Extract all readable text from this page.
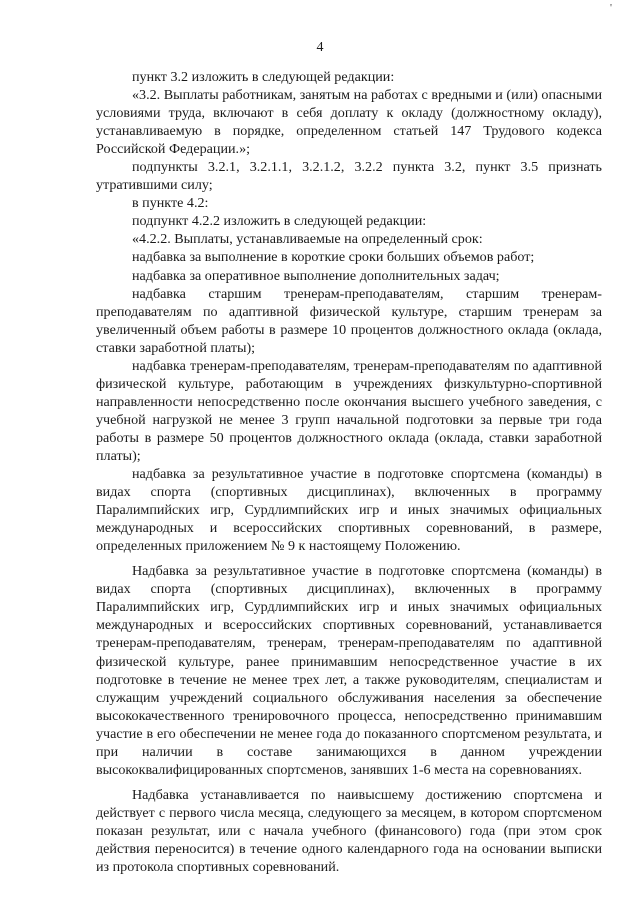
'
4

пункт 3.2 изложить в следующей редакции:

«3.2. Выплаты работникам, занятым на работах с вредными и (или) опасными условиями труда, включают в себя доплату к окладу (должностному окладу), устанавливаемую в порядке, определенном статьей 147 Трудового кодекса Российской Федерации.»;

подпункты 3.2.1, 3.2.1.1, 3.2.1.2, 3.2.2 пункта 3.2, пункт 3.5 признать утратившими силу;

в пункте 4.2:

подпункт 4.2.2 изложить в следующей редакции:

«4.2.2. Выплаты, устанавливаемые на определенный срок:

надбавка за выполнение в короткие сроки больших объемов работ;

надбавка за оперативное выполнение дополнительных задач;

надбавка старшим тренерам-преподавателям, старшим тренерам-преподавателям по адаптивной физической культуре, старшим тренерам за увеличенный объем работы в размере 10 процентов должностного оклада (оклада, ставки заработной платы);

надбавка тренерам-преподавателям, тренерам-преподавателям по адаптивной физической культуре, работающим в учреждениях физкультурно-спортивной направленности непосредственно после окончания высшего учебного заведения, с учебной нагрузкой не менее 3 групп начальной подготовки за первые три года работы в размере 50 процентов должностного оклада (оклада, ставки заработной платы);

надбавка за результативное участие в подготовке спортсмена (команды) в видах спорта (спортивных дисциплинах), включенных в программу Паралимпийских игр, Сурдлимпийских игр и иных значимых официальных международных и всероссийских спортивных соревнований, в размере, определенных приложением № 9 к настоящему Положению.

Надбавка за результативное участие в подготовке спортсмена (команды) в видах спорта (спортивных дисциплинах), включенных в программу Паралимпийских игр, Сурдлимпийских игр и иных значимых официальных международных и всероссийских спортивных соревнований, устанавливается тренерам-преподавателям, тренерам, тренерам-преподавателям по адаптивной физической культуре, ранее принимавшим непосредственное участие в их подготовке в течение не менее трех лет, а также руководителям, специалистам и служащим учреждений социального обслуживания населения за обеспечение высококачественного тренировочного процесса, непосредственно принимавшим участие в его обеспечении не менее года до показанного спортсменом результата, и при наличии в составе занимающихся в данном учреждении высококвалифицированных спортсменов, занявших 1-6 места на соревнованиях.

Надбавка устанавливается по наивысшему достижению спортсмена и действует с первого числа месяца, следующего за месяцем, в котором спортсменом показан результат, или с начала учебного (финансового) года (при этом срок действия переносится) в течение одного календарного года на основании выписки из протокола спортивных соревнований.
